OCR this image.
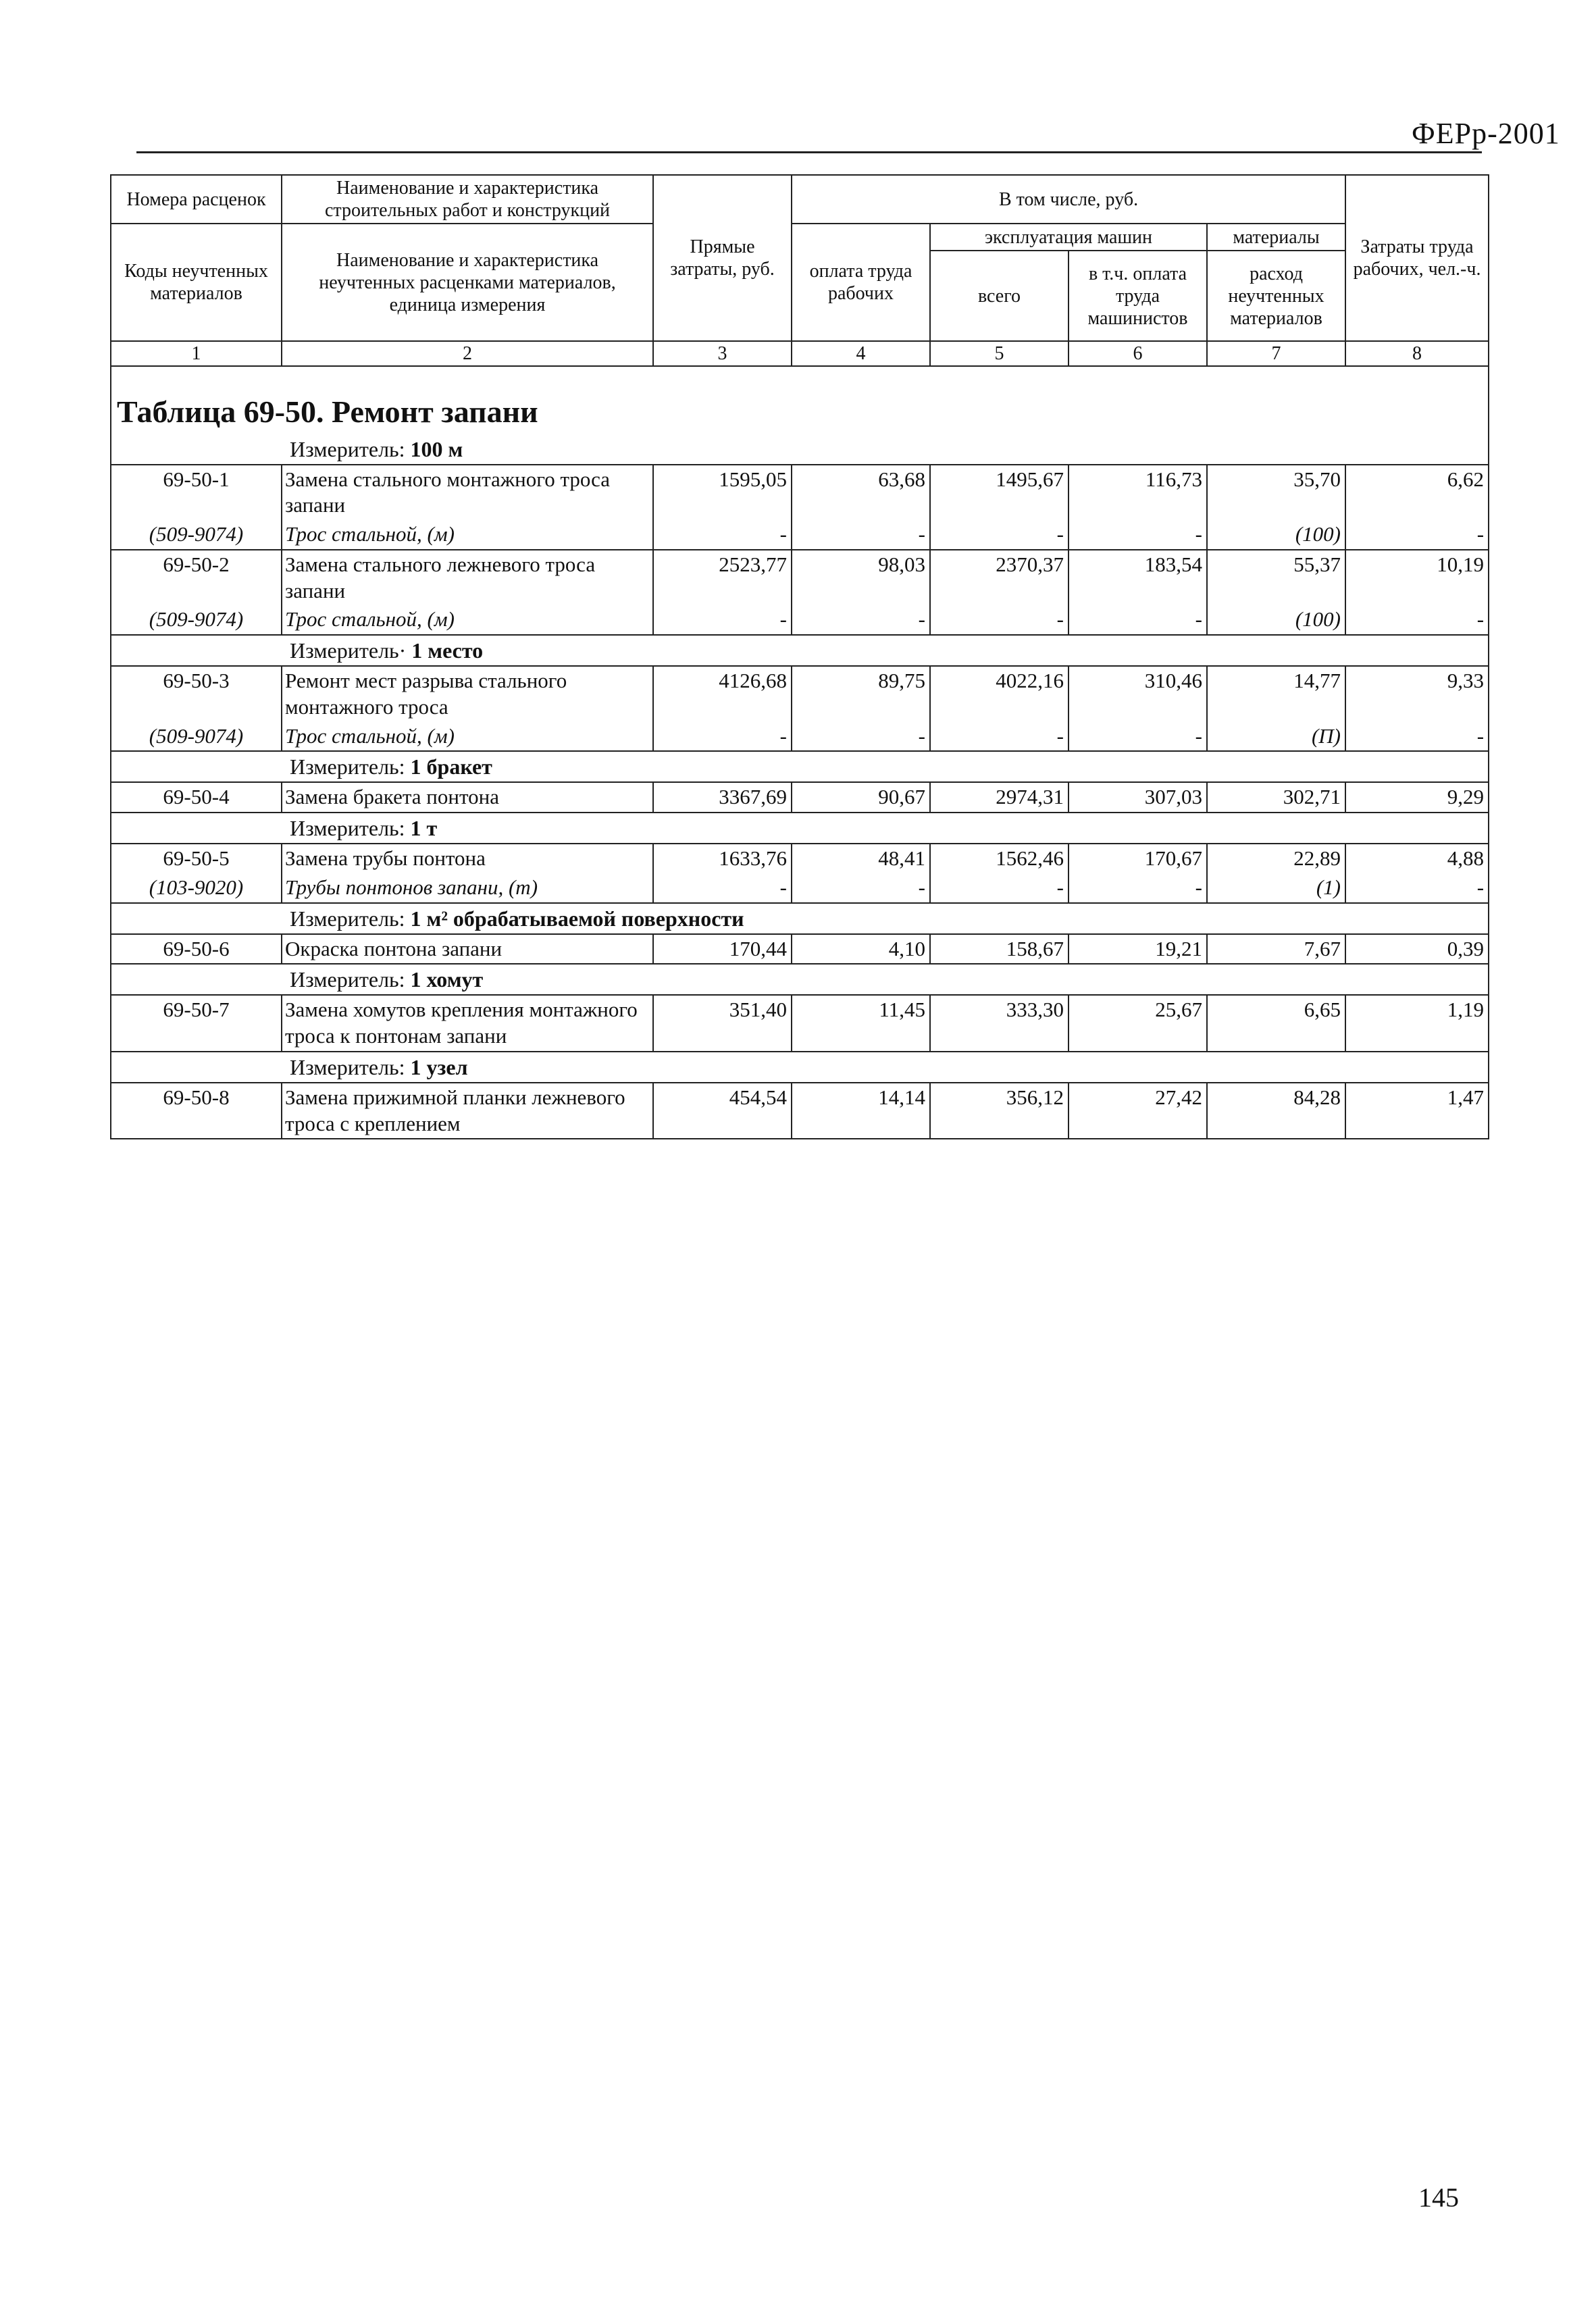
ФЕРр-2001
Номера расценок	Наименование и характеристика строительных работ и конструкций	Прямые затраты, руб.	В том числе, руб.				Затраты труда рабочих, чел.-ч.
Коды неучтенных материалов	Наименование и характеристика неучтенных расценками материалов, единица измерения		оплата труда рабочих	эксплуатация машин		материалы	
				всего	в т.ч. оплата труда машинистов	расход неучтенных материалов	

1	2	3	4	5	6	7	8
Таблица 69-50. Ремонт запани							
Измеритель: 100 м							
69-50-1	Замена стального монтажного троса запани	1595,05	63,68	1495,67	116,73	35,70	6,62
(509-9074)	Трос стальной, (м)	-	-	-	-	(100)	-
69-50-2	Замена стального лежневого троса запани	2523,77	98,03	2370,37	183,54	55,37	10,19
(509-9074)	Трос стальной, (м)	-	-	-	-	(100)	-
Измеритель· 1 место							
69-50-3	Ремонт мест разрыва стального монтажного троса	4126,68	89,75	4022,16	310,46	14,77	9,33
(509-9074)	Трос стальной, (м)	-	-	-	-	(П)	-
Измеритель: 1 бракет							
69-50-4	Замена бракета понтона	3367,69	90,67	2974,31	307,03	302,71	9,29
Измеритель: 1 т							
69-50-5	Замена трубы понтона	1633,76	48,41	1562,46	170,67	22,89	4,88
(103-9020)	Трубы понтонов запани, (т)	-	-	-	-	(1)	-
Измеритель: 1 м² обрабатываемой поверхности							
69-50-6	Окраска понтона запани	170,44	4,10	158,67	19,21	7,67	0,39
Измеритель: 1 хомут							
69-50-7	Замена хомутов крепления монтажного троса к понтонам запани	351,40	11,45	333,30	25,67	6,65	1,19
Измеритель: 1 узел							
69-50-8	Замена прижимной планки лежневого троса с креплением	454,54	14,14	356,12	27,42	84,28	1,47
145
